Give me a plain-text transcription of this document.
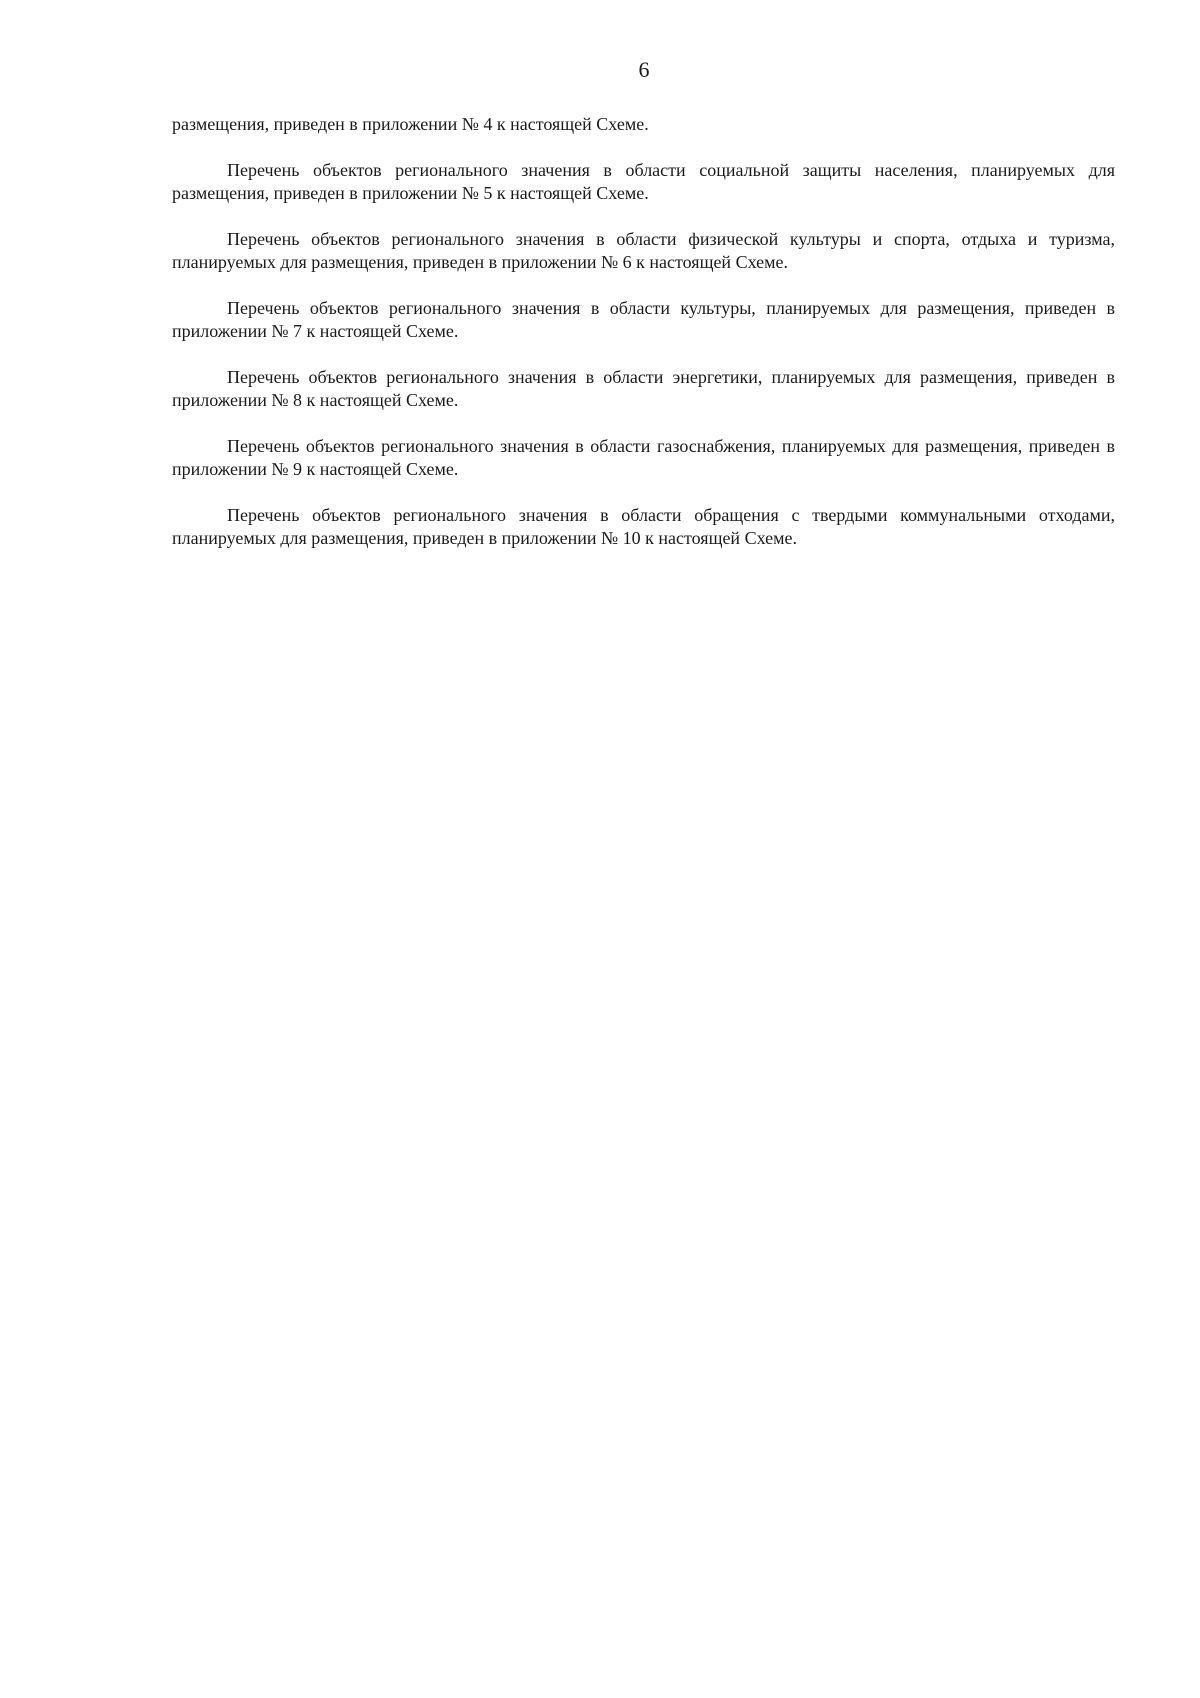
6

размещения, приведен в приложении № 4 к настоящей Схеме.

Перечень объектов регионального значения в области социальной защиты населения, планируемых для размещения, приведен в приложении № 5 к настоящей Схеме.

Перечень объектов регионального значения в области физической культуры и спорта, отдыха и туризма, планируемых для размещения, приведен в приложении № 6 к настоящей Схеме.

Перечень объектов регионального значения в области культуры, планируемых для размещения, приведен в приложении № 7 к настоящей Схеме.

Перечень объектов регионального значения в области энергетики, планируемых для размещения, приведен в приложении № 8 к настоящей Схеме.

Перечень объектов регионального значения в области газоснабжения, планируемых для размещения, приведен в приложении № 9 к настоящей Схеме.

Перечень объектов регионального значения в области обращения с твердыми коммунальными отходами, планируемых для размещения, приведен в приложении № 10 к настоящей Схеме.
